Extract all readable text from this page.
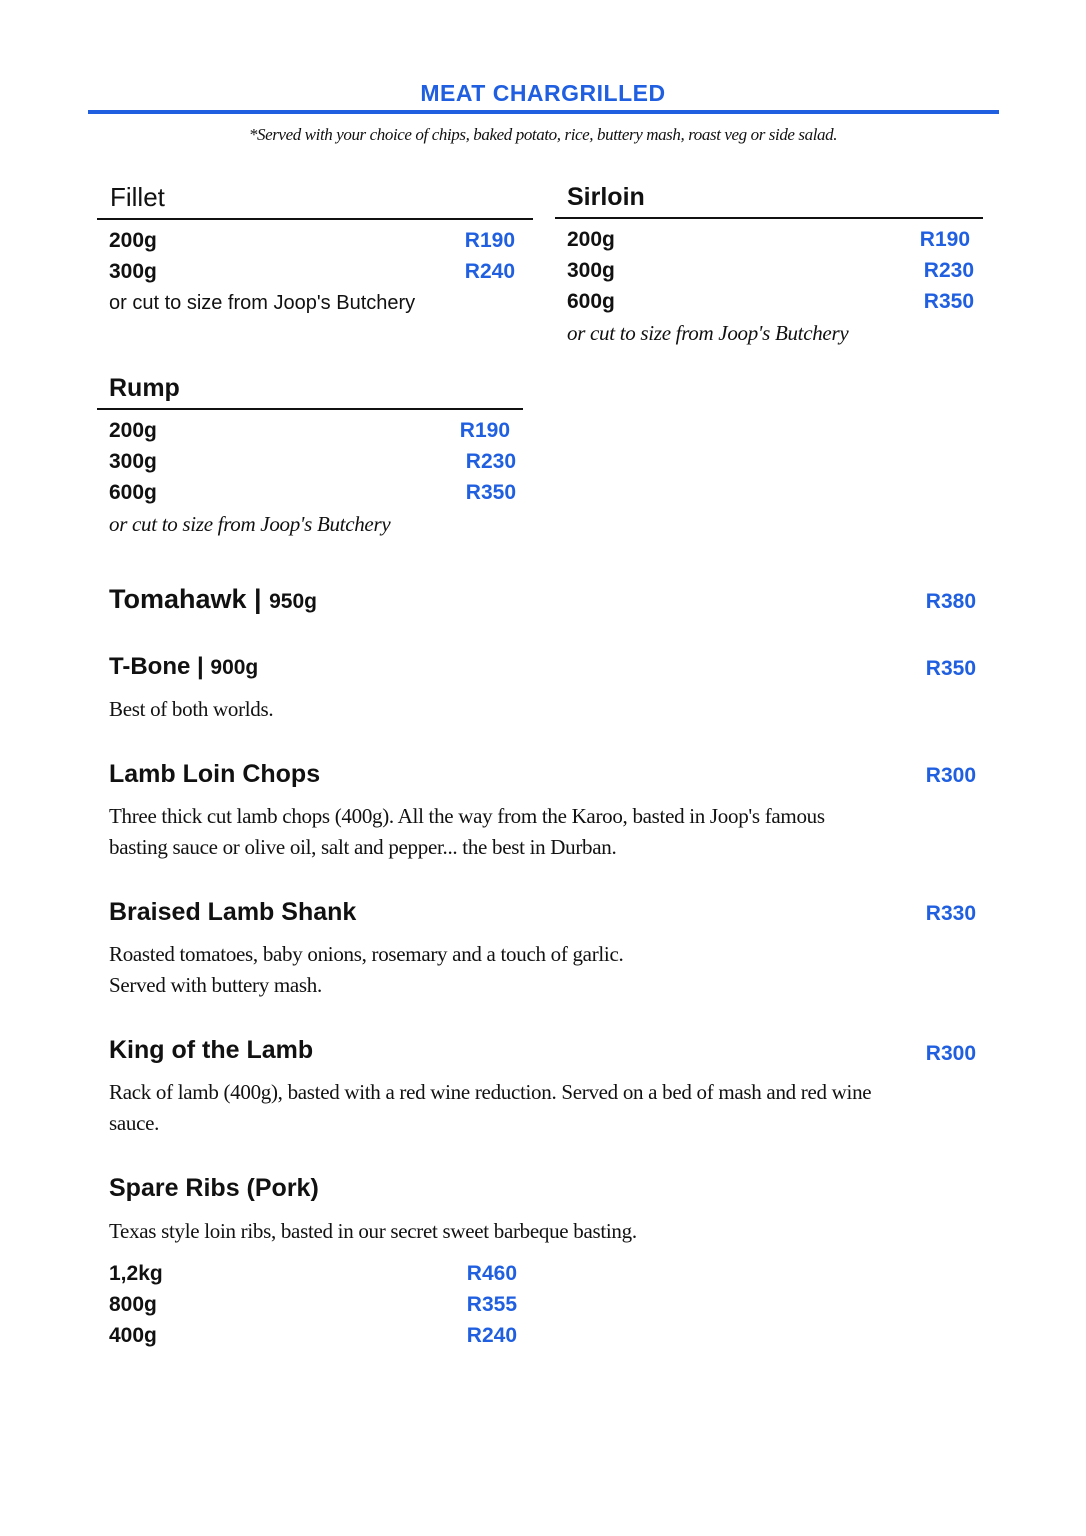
MEAT CHARGRILLED
*Served with your choice of chips, baked potato, rice, buttery mash, roast veg or side salad.
Fillet
200g	R190
300g	R240
or cut to size from Joop's Butchery
Sirloin
200g	R190
300g	R230
600g	R350
or cut to size from Joop's Butchery
Rump
200g	R190
300g	R230
600g	R350
or cut to size from Joop's Butchery
Tomahawk | 950g	R380
T-Bone | 900g	R350
Best of both worlds.
Lamb Loin Chops	R300
Three thick cut lamb chops (400g). All the way from the Karoo, basted in Joop's famous basting sauce or olive oil, salt and pepper... the best in Durban.
Braised Lamb Shank	R330
Roasted tomatoes, baby onions, rosemary and a touch of garlic.
Served with buttery mash.
King of the Lamb	R300
Rack of lamb (400g), basted with a red wine reduction. Served on a bed of mash and red wine sauce.
Spare Ribs (Pork)
Texas style loin ribs, basted in our secret sweet barbeque basting.
1,2kg	R460
800g	R355
400g	R240
